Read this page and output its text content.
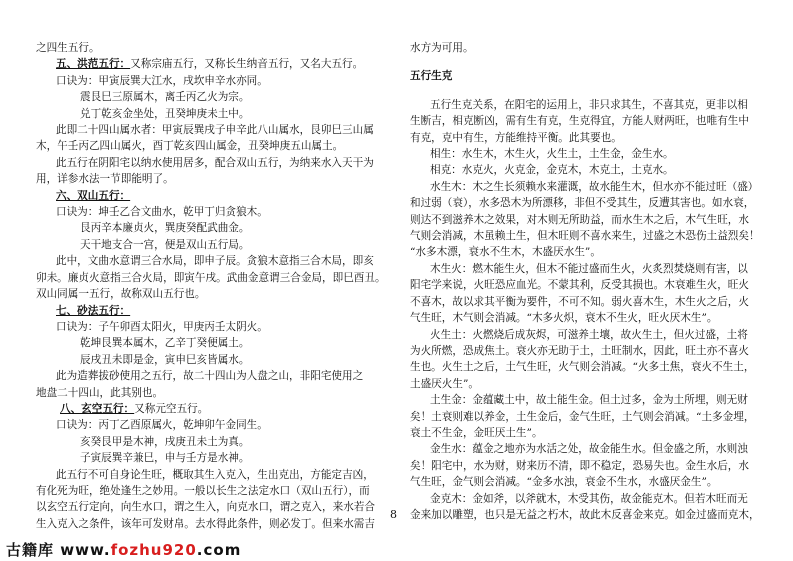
之四生五行。
五、洪范五行：又称宗庙五行，又称长生纳音五行，又名大五行。
口诀为：甲寅辰巽大江水，戌坎申辛水亦同。
震艮巳三原属木，离壬丙乙火为宗。
兑丁乾亥金坐处，丑癸坤庚未土中。
此即二十四山属水者：甲寅辰巽戌子申辛此八山属水，艮卯巳三山属
木，午壬丙乙四山属火，酉丁乾亥四山属金，丑癸坤庚五山属土。
此五行在阴阳宅以纳水使用居多，配合双山五行，为纳来水入天干为
用，详参水法一节即能明了。
六、双山五行：
口诀为：坤壬乙合文曲水，乾甲丁归贪狼木。
艮丙辛本廉贞火，巽庚癸配武曲金。
天干地支合一宫，便是双山五行局。
此中，文曲水意谓三合水局，即申子辰。贪狼木意指三合木局，即亥
卯未。廉贞火意指三合火局，即寅午戌。武曲金意谓三合金局，即巳酉丑。
双山同属一五行，故称双山五行也。
七、砂法五行：
口诀为：子午卯酉太阳火，甲庚丙壬太阴火。
乾坤艮巽本属木，乙辛丁癸便属土。
辰戌丑未即是金，寅申巳亥皆属水。
此为造葬拔砂使用之五行，故二十四山为人盘之山，非阳宅使用之
地盘二十四山，此其别也。
八、玄空五行：又称元空五行。
口诀为：丙丁乙酉原属火，乾坤卯午金同生。
亥癸艮甲是木神，戌庚丑未土为真。
子寅辰巽辛兼巳，申与壬方是水神。
此五行不可自身论生旺，概取其生入克入，生出克出，方能定吉凶，
有化死为旺，绝处逢生之妙用。一般以长生之法定水口（双山五行），而
以玄空五行定向，向生水口，谓之生入，向克水口，谓之克入，来水若合
生入克入之条件，该年可发财帛。去水得此条件，则必发丁。但来水需吉
水方为可用。
五行生克
五行生克关系，在阳宅的运用上，非只求其生，不喜其克，更非以相
生断吉，相克断凶，需有生有克，生克得宜，方能人财两旺，也唯有生中
有克，克中有生，方能维持平衡。此其要也。
相生：水生木，木生火，火生土，土生金，金生水。
相克：水克火，火克金，金克木，木克土，土克水。
水生木：木之生长须赖水来灌溉，故水能生木，但水亦不能过旺（盛）
和过弱（衰），水多恐木为所漂移，非但不受其生，反遭其害也。如水衰，
则达不到滋养木之效果，对木则无所助益，而水生木之后，木气生旺，水
气则会消减，木虽赖土生，但木旺则不喜水来生，过盛之木恐伤土益烈矣！
“水多木漂，衰水不生木，木盛厌水生”。
木生火：燃木能生火，但木不能过盛而生火，火炙烈焚烧则有害，以
阳宅学来说，火旺恐应血光。不蒙其利，反受其损也。木衰难生火，旺火
不喜木，故以求其平衡为要件，不可不知。弱火喜木生，木生火之后，火
气生旺，木气则会消减。“木多火炽，衰木不生火，旺火厌木生”。
火生土：火燃烧后成灰烬，可滋养土壤，故火生土，但火过盛，土将
为火所燃，恐成焦土。衰火亦无助于土，土旺制水，因此，旺土亦不喜火
生也。火生土之后，土气生旺，火气则会消减。“火多土焦，衰火不生土，
土盛厌火生”。
土生金：金蕴藏土中，故土能生金。但土过多，金为土所埋，则无财
矣！土衰则难以养金，土生金后，金气生旺，土气则会消减。“土多金埋，
衰土不生金，金旺厌土生”。
金生水：蕴金之地亦为水活之处，故金能生水。但金盛之所，水则浊
矣！阳宅中，水为财，财来历不清，即不稳定，恐易失也。金生水后，水
气生旺，金气则会消减。“金多水浊，衰金不生水，水盛厌金生”。
金克木：金如斧，以斧就木，木受其伤，故金能克木。但若木旺而无
金来加以雕塑，也只是无益之朽木，故此木反喜金来克。如金过盛而克木，
8
古籍库 www.fozhu920.com
